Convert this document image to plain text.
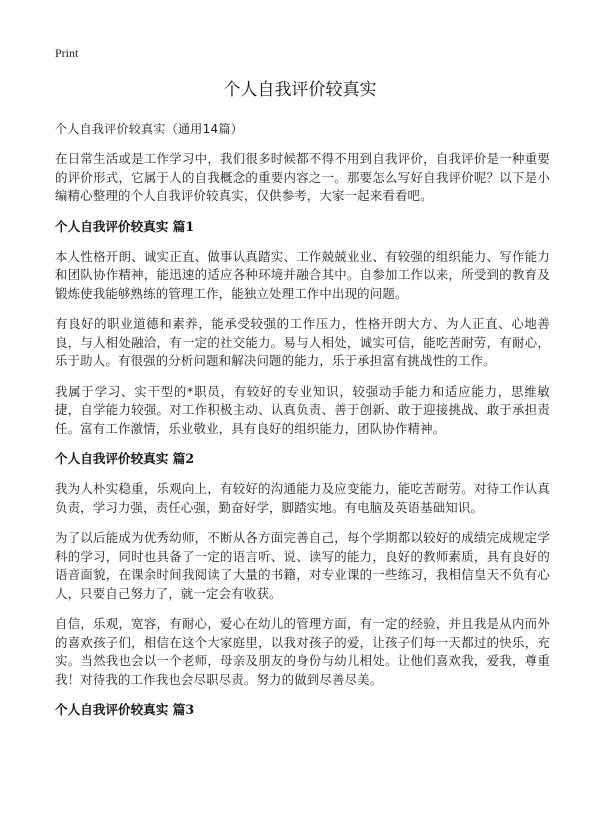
Print
个人自我评价较真实
个人自我评价较真实（通用14篇）

在日常生活或是工作学习中，我们很多时候都不得不用到自我评价，自我评价是一种重要的评价形式，它属于人的自我概念的重要内容之一。那要怎么写好自我评价呢？以下是小编精心整理的个人自我评价较真实，仅供参考，大家一起来看看吧。

个人自我评价较真实 篇1

本人性格开朗、诚实正直、做事认真踏实、工作兢兢业业、有较强的组织能力、写作能力和团队协作精神，能迅速的适应各种环境并融合其中。自参加工作以来，所受到的教育及锻炼使我能够熟练的管理工作，能独立处理工作中出现的问题。

有良好的职业道德和素养，能承受较强的工作压力，性格开朗大方、为人正直、心地善良，与人相处融洽，有一定的社交能力。易与人相处，诚实可信，能吃苦耐劳，有耐心，乐于助人。有很强的分析问题和解决问题的能力，乐于承担富有挑战性的工作。

我属于学习、实干型的*职员，有较好的专业知识，较强动手能力和适应能力，思维敏捷，自学能力较强。对工作积极主动、认真负责、善于创新、敢于迎接挑战、敢于承担责任。富有工作激情，乐业敬业，具有良好的组织能力，团队协作精神。

个人自我评价较真实 篇2

我为人朴实稳重，乐观向上，有较好的沟通能力及应变能力，能吃苦耐劳。对待工作认真负责，学习力强，责任心强，勤奋好学，脚踏实地。有电脑及英语基础知识。

为了以后能成为优秀幼师，不断从各方面完善自己，每个学期都以较好的成绩完成规定学科的学习，同时也具备了一定的语言听、说、读写的能力，良好的教师素质，具有良好的语音面貌，在课余时间我阅读了大量的书籍，对专业课的一些练习，我相信皇天不负有心人，只要自己努力了，就一定会有收获。

自信，乐观，宽容，有耐心，爱心在幼儿的管理方面，有一定的经验，并且我是从内而外的喜欢孩子们，相信在这个大家庭里，以我对孩子的爱，让孩子们每一天都过的快乐，充实。当然我也会以一个老师，母亲及朋友的身份与幼儿相处。让他们喜欢我，爱我，尊重我！对待我的工作我也会尽职尽责。努力的做到尽善尽美。

个人自我评价较真实 篇3
